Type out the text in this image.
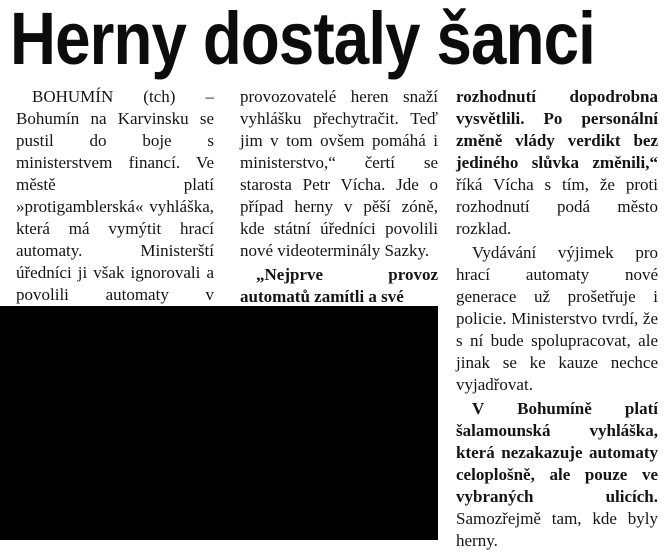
Herny dostaly šanci

BOHUMÍN (tch) – Bohumín na Karvinsku se pustil do boje s ministerstvem financí. Ve městě platí »protigamblerská« vyhláška, která má vymýtit hrací automaty. Ministerští úředníci ji však ignorovali a povolili automaty v

provozovatelé heren snaží vyhlášku přechytračit. Teď jim v tom ovšem pomáhá i ministerstvo,“ čertí se starosta Petr Vícha. Jde o případ herny v pěší zóně, kde státní úředníci povolili nové videoterminály Sazky.

„Nejprve provoz automatů zamítli a své

rozhodnutí dopodrobna vysvětlili. Po personální změně vlády verdikt bez jediného slůvka změnili,“ říká Vícha s tím, že proti rozhodnutí podá město rozklad.

Vydávání výjimek pro hrací automaty nové generace už prošetřuje i policie. Ministerstvo tvrdí, že s ní bude spolupracovat, ale jinak se ke kauze nechce vyjadřovat.

V Bohumíně platí šalamounská vyhláška, která nezakazuje automaty celoplošně, ale pouze ve vybraných ulicích. Samozřejmě tam, kde byly herny.
